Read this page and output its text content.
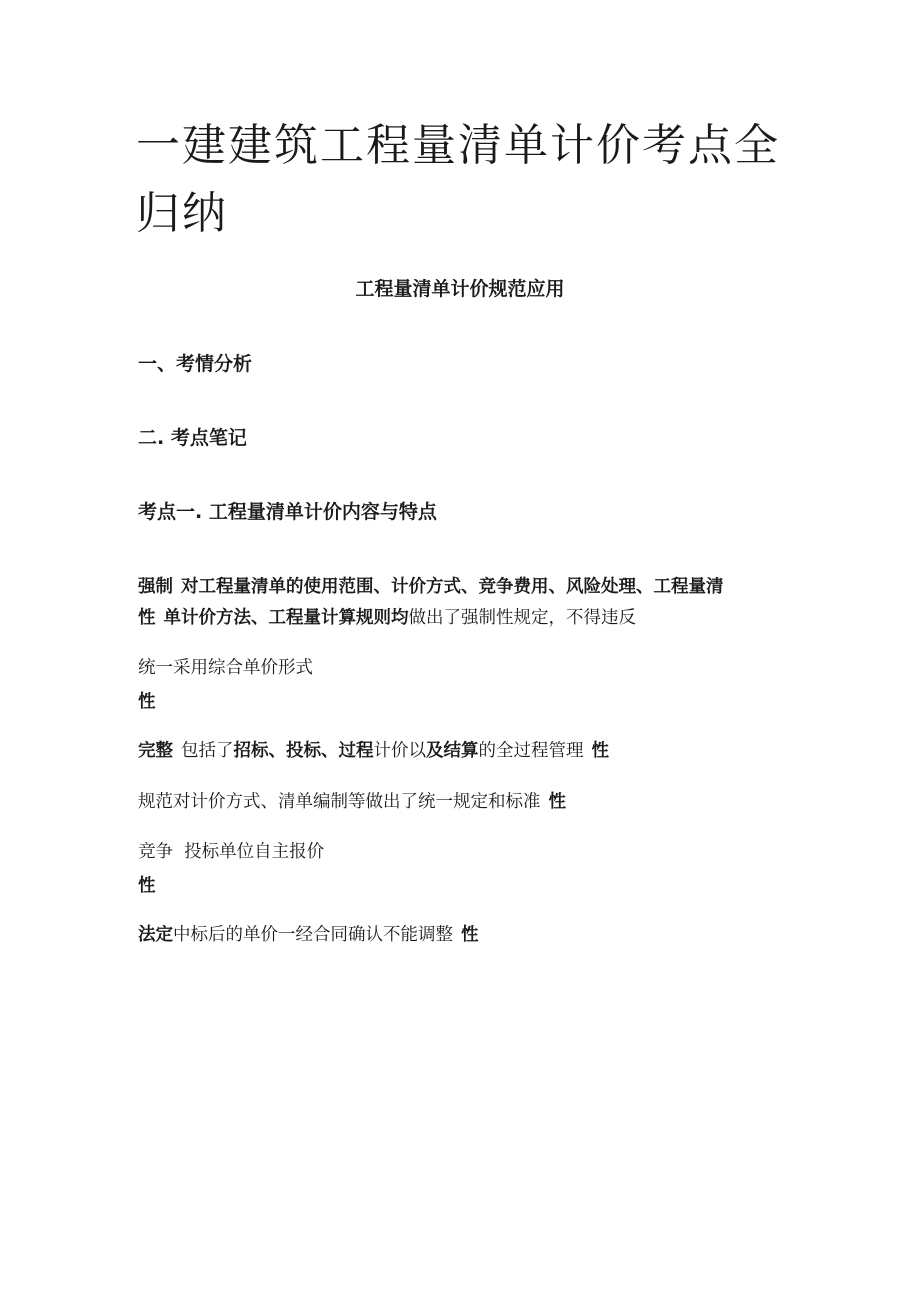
一建建筑工程量清单计价考点全归纳
工程量清单计价规范应用
一、考情分析
二. 考点笔记
考点一. 工程量清单计价内容与特点
强制 对工程量清单的使用范围、计价方式、竞争费用、风险处理、工程量清
性 单计价方法、工程量计算规则均做出了强制性规定，不得违反
统一采用综合单价形式
性
完整 包括了招标、投标、过程计价以及结算的全过程管理 性
规范对计价方式、清单编制等做出了统一规定和标准 性
竞争  投标单位自主报价
性
法定中标后的单价一经合同确认不能调整 性
